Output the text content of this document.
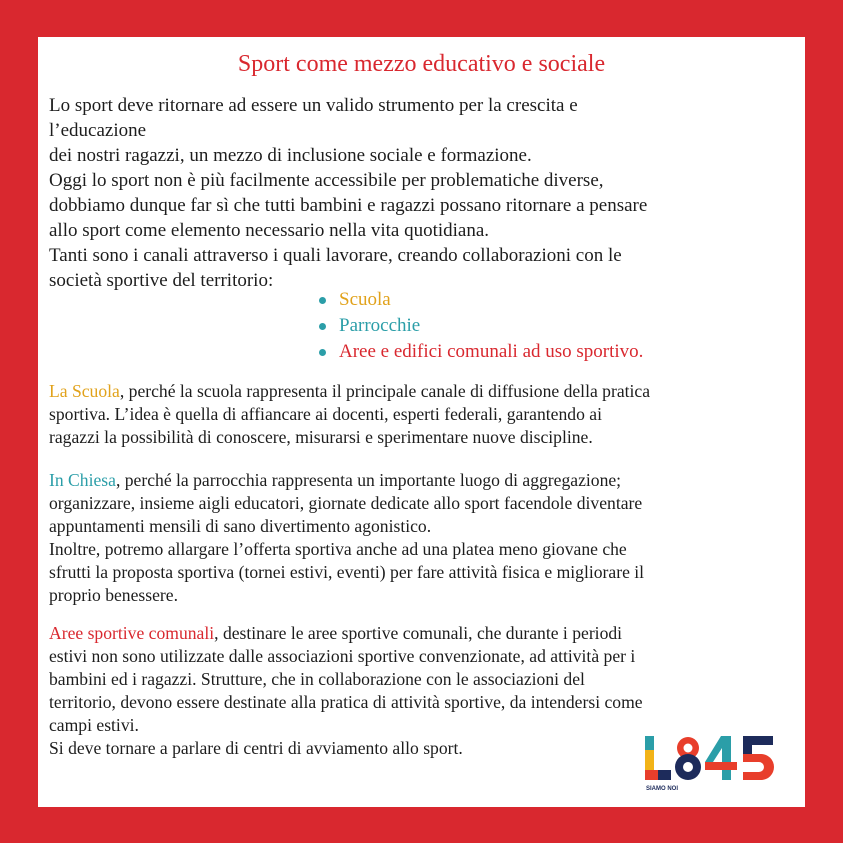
Sport come mezzo educativo e sociale

Lo sport deve ritornare ad essere un valido strumento per la crescita e

l’educazione

dei nostri ragazzi, un mezzo di inclusione sociale e formazione.

Oggi lo sport non è più facilmente accessibile per problematiche diverse,

dobbiamo dunque far sì che tutti bambini e ragazzi possano ritornare a pensare

allo sport come elemento necessario nella vita quotidiana.

Tanti sono i canali attraverso i quali lavorare, creando collaborazioni con le

società sportive del territorio:

Scuola
Parrocchie
Aree e edifici comunali ad uso sportivo.

La Scuola, perché la scuola rappresenta il principale canale di diffusione della pratica

sportiva. L’idea è quella di affiancare ai docenti, esperti federali, garantendo ai

ragazzi la possibilità di conoscere, misurarsi e sperimentare nuove discipline.

In Chiesa, perché la parrocchia rappresenta un importante luogo di aggregazione;

organizzare, insieme aigli educatori, giornate dedicate allo sport facendole diventare

appuntamenti mensili di sano divertimento agonistico.

Inoltre, potremo allargare l’offerta sportiva anche ad una platea meno giovane che

sfrutti la proposta sportiva (tornei estivi, eventi) per fare attività fisica e migliorare il

proprio benessere.

Aree sportive comunali, destinare le aree sportive comunali, che durante i periodi

estivi non sono utilizzate dalle associazioni sportive convenzionate, ad attività per i

bambini ed i ragazzi. Strutture, che in collaborazione con le associazioni del

territorio, devono essere destinate alla pratica di attività sportive, da intendersi come

campi estivi.

Si deve tornare a parlare di centri di avviamento allo sport.

SIAMO NOI
